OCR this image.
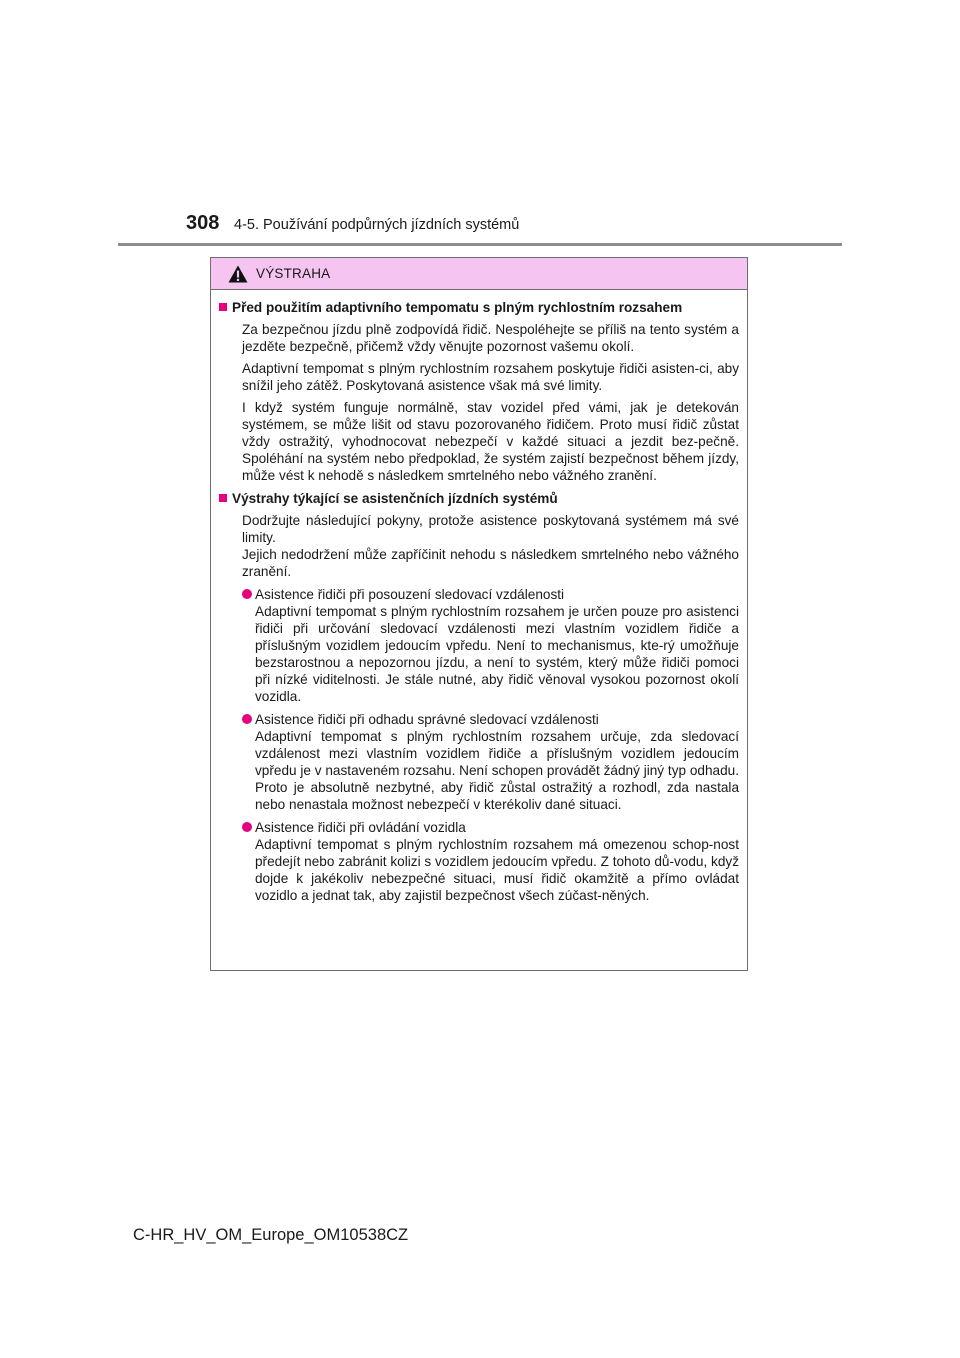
308	4-5. Používání podpůrných jízdních systémů
VÝSTRAHA
Před použitím adaptivního tempomatu s plným rychlostním rozsahem

Za bezpečnou jízdu plně zodpovídá řidič. Nespoléhejte se příliš na tento systém a jezděte bezpečně, přičemž vždy věnujte pozornost vašemu okolí.

Adaptivní tempomat s plným rychlostním rozsahem poskytuje řidiči asisten-ci, aby snížil jeho zátěž. Poskytovaná asistence však má své limity.

I když systém funguje normálně, stav vozidel před vámi, jak je detekován systémem, se může lišit od stavu pozorovaného řidičem. Proto musí řidič zůstat vždy ostražitý, vyhodnocovat nebezpečí v každé situaci a jezdit bez-pečně. Spoléhání na systém nebo předpoklad, že systém zajistí bezpečnost během jízdy, může vést k nehodě s následkem smrtelného nebo vážného zranění.

Výstrahy týkající se asistenčních jízdních systémů

Dodržujte následující pokyny, protože asistence poskytovaná systémem má své limity.

Jejich nedodržení může zapříčinit nehodu s následkem smrtelného nebo vážného zranění.

Asistence řidiči při posouzení sledovací vzdálenosti
Adaptivní tempomat s plným rychlostním rozsahem je určen pouze pro asistenci řidiči při určování sledovací vzdálenosti mezi vlastním vozidlem řidiče a příslušným vozidlem jedoucím vpředu. Není to mechanismus, kte-rý umožňuje bezstarostnou a nepozornou jízdu, a není to systém, který může řidiči pomoci při nízké viditelnosti. Je stále nutné, aby řidič věnoval vysokou pozornost okolí vozidla.
Asistence řidiči při odhadu správné sledovací vzdálenosti
Adaptivní tempomat s plným rychlostním rozsahem určuje, zda sledovací vzdálenost mezi vlastním vozidlem řidiče a příslušným vozidlem jedoucím vpředu je v nastaveném rozsahu. Není schopen provádět žádný jiný typ odhadu. Proto je absolutně nezbytné, aby řidič zůstal ostražitý a rozhodl, zda nastala nebo nenastala možnost nebezpečí v kterékoliv dané situaci.
Asistence řidiči při ovládání vozidla
Adaptivní tempomat s plným rychlostním rozsahem má omezenou schop-nost předejít nebo zabránit kolizi s vozidlem jedoucím vpředu. Z tohoto dů-vodu, když dojde k jakékoliv nebezpečné situaci, musí řidič okamžitě a přímo ovládat vozidlo a jednat tak, aby zajistil bezpečnost všech zúčast-něných.
C-HR_HV_OM_Europe_OM10538CZ
